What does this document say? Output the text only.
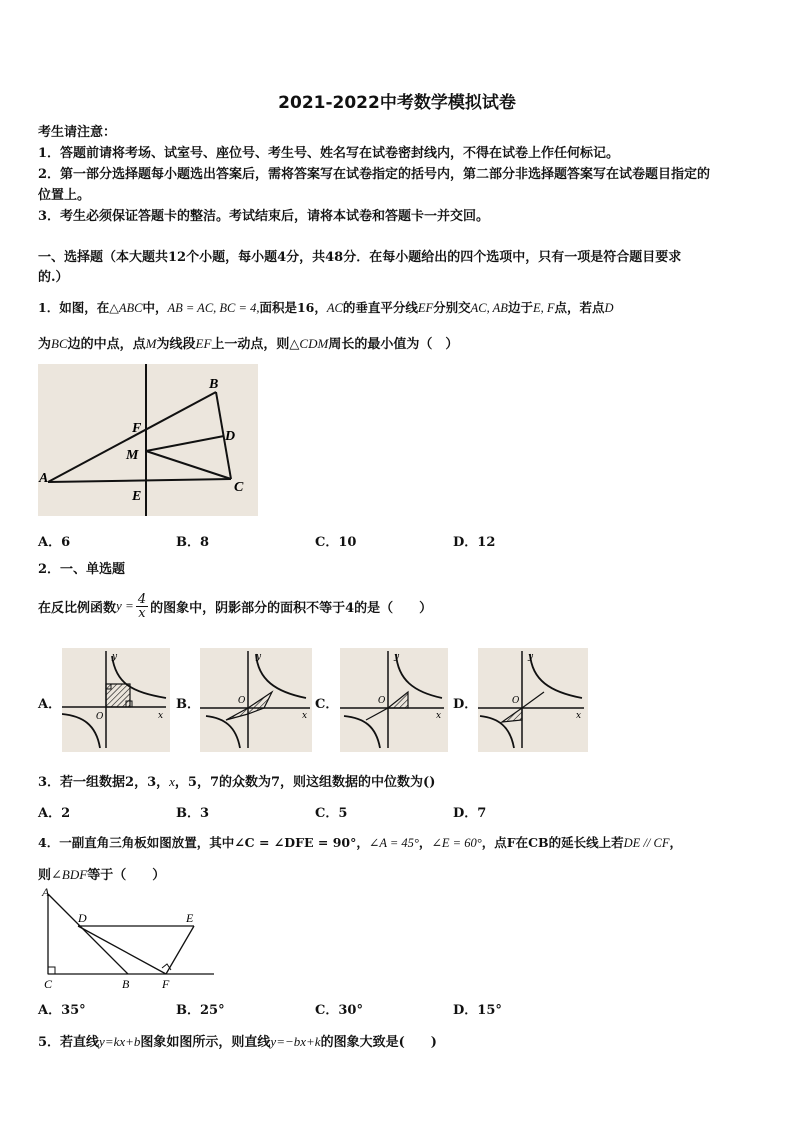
2021-2022中考数学模拟试卷
考生请注意：
1．答题前请将考场、试室号、座位号、考生号、姓名写在试卷密封线内，不得在试卷上作任何标记。
2．第一部分选择题每小题选出答案后，需将答案写在试卷指定的括号内，第二部分非选择题答案写在试卷题目指定的
位置上。
3．考生必须保证答题卡的整洁。考试结束后，请将本试卷和答题卡一并交回。
一、选择题（本大题共12个小题，每小题4分，共48分．在每小题给出的四个选项中，只有一项是符合题目要求
的.）
1．如图，在△ABC中，AB = AC, BC = 4,面积是16，AC的垂直平分线EF分别交AC, AB边于E, F点，若点D
为BC边的中点，点M为线段EF上一动点，则△CDM周长的最小值为（　）
A
B
C
D
E
F
M
A．6	B．8	C．10	D．12
2．一、单选题
在反比例函数 $y = \frac{4}{x}$ 的图象中，阴影部分的面积不等于4的是（　　）
A．	B．	C．	D．
y
x
O
y
x
O
y
x
O
y
x
O
3．若一组数据2，3，x，5，7的众数为7，则这组数据的中位数为()
A．2	B．3	C．5	D．7
4．一副直角三角板如图放置，其中∠C = ∠DFE = 90°，∠A = 45°，∠E = 60°，点F在CB的延长线上若DE // CF，
则∠BDF等于（　　）
A
D	E
C	B	F
A．35°	B．25°	C．30°	D．15°
5．若直线y=kx+b图象如图所示，则直线y=−bx+k的图象大致是(　　)
